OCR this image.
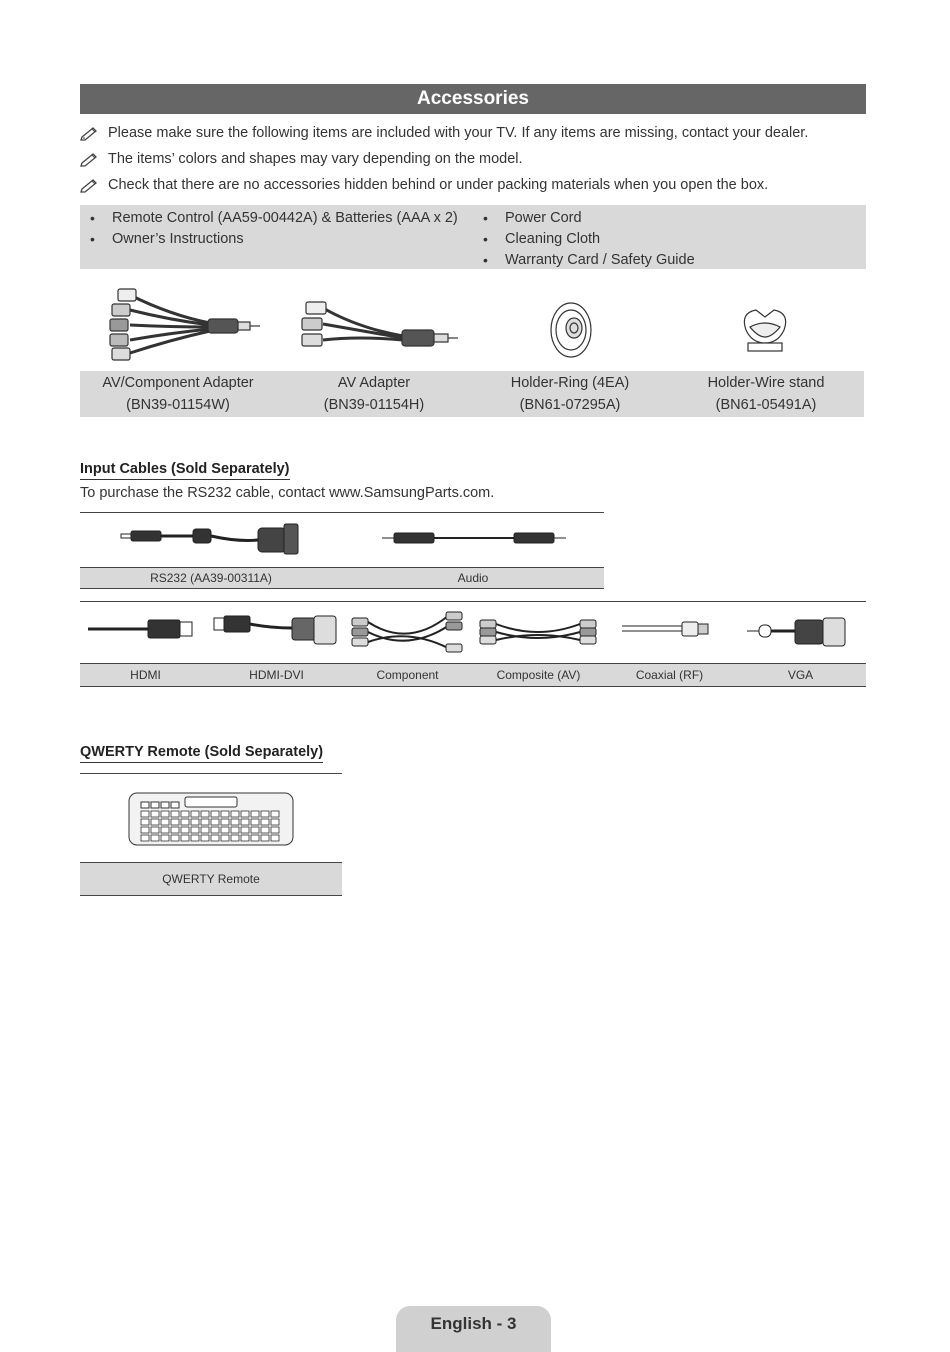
Accessories
Please make sure the following items are included with your TV. If any items are missing, contact your dealer.
The items’ colors and shapes may vary depending on the model.
Check that there are no accessories hidden behind or under packing materials when you open the box.
• Remote Control (AA59-00442A) & Batteries (AAA x 2)
• Owner’s Instructions
• Power Cord
• Cleaning Cloth
• Warranty Card / Safety Guide
AV/Component Adapter
(BN39-01154W)
AV Adapter
(BN39-01154H)
Holder-Ring (4EA)
(BN61-07295A)
Holder-Wire stand
(BN61-05491A)
Input Cables (Sold Separately)
To purchase the RS232 cable, contact www.SamsungParts.com.
RS232 (AA39-00311A)	Audio
HDMI	HDMI-DVI	Component	Composite (AV)	Coaxial (RF)	VGA
QWERTY Remote (Sold Separately)
QWERTY Remote
English - 3
